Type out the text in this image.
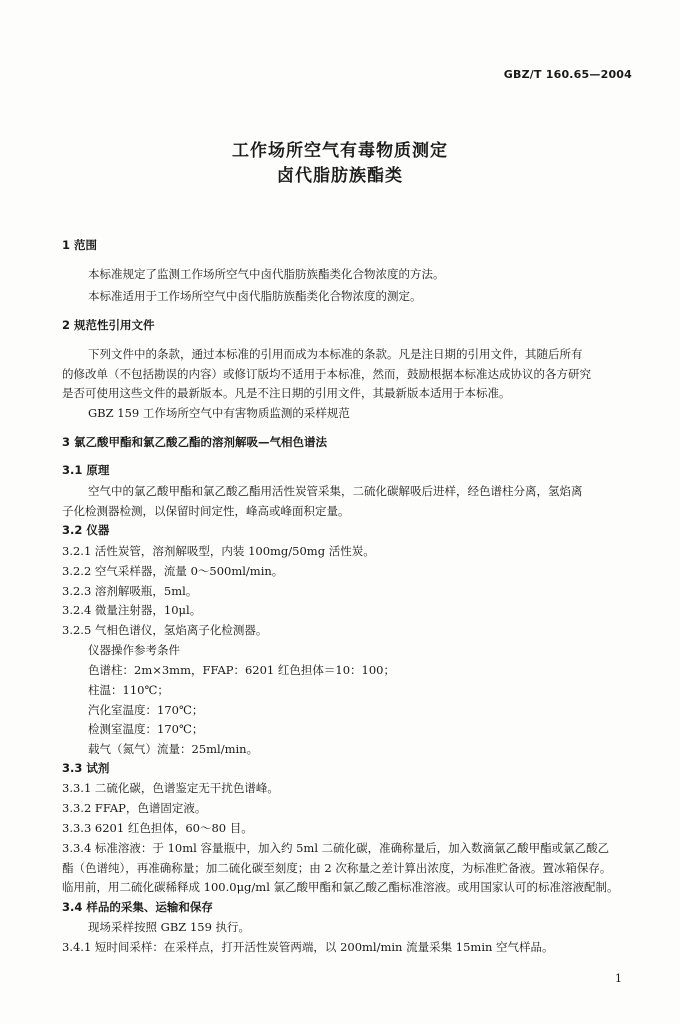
GBZ/T 160.65—2004
工作场所空气有毒物质测定
卤代脂肪族酯类
1 范围
本标准规定了监测工作场所空气中卤代脂肪族酯类化合物浓度的方法。
本标准适用于工作场所空气中卤代脂肪族酯类化合物浓度的测定。
2 规范性引用文件
下列文件中的条款，通过本标准的引用而成为本标准的条款。凡是注日期的引用文件，其随后所有
的修改单（不包括勘误的内容）或修订版均不适用于本标准，然而，鼓励根据本标准达成协议的各方研究
是否可使用这些文件的最新版本。凡是不注日期的引用文件，其最新版本适用于本标准。
GBZ 159 工作场所空气中有害物质监测的采样规范
3 氯乙酸甲酯和氯乙酸乙酯的溶剂解吸—气相色谱法
3.1 原理
空气中的氯乙酸甲酯和氯乙酸乙酯用活性炭管采集，二硫化碳解吸后进样，经色谱柱分离，氢焰离
子化检测器检测，以保留时间定性，峰高或峰面积定量。
3.2 仪器
3.2.1 活性炭管，溶剂解吸型，内装 100mg/50mg 活性炭。
3.2.2 空气采样器，流量 0～500ml/min。
3.2.3 溶剂解吸瓶，5ml。
3.2.4 微量注射器，10μl。
3.2.5 气相色谱仪，氢焰离子化检测器。
仪器操作参考条件
色谱柱：2m×3mm，FFAP：6201 红色担体＝10：100；
柱温：110℃；
汽化室温度：170℃；
检测室温度：170℃；
载气（氮气）流量：25ml/min。
3.3 试剂
3.3.1 二硫化碳，色谱鉴定无干扰色谱峰。
3.3.2 FFAP，色谱固定液。
3.3.3 6201 红色担体，60～80 目。
3.3.4 标准溶液：于 10ml 容量瓶中，加入约 5ml 二硫化碳，准确称量后，加入数滴氯乙酸甲酯或氯乙酸乙
酯（色谱纯），再准确称量；加二硫化碳至刻度；由 2 次称量之差计算出浓度，为标准贮备液。置冰箱保存。
临用前，用二硫化碳稀释成 100.0μg/ml 氯乙酸甲酯和氯乙酸乙酯标准溶液。或用国家认可的标准溶液配制。
3.4 样品的采集、运输和保存
现场采样按照 GBZ 159 执行。
3.4.1 短时间采样：在采样点，打开活性炭管两端，以 200ml/min 流量采集 15min 空气样品。
1
